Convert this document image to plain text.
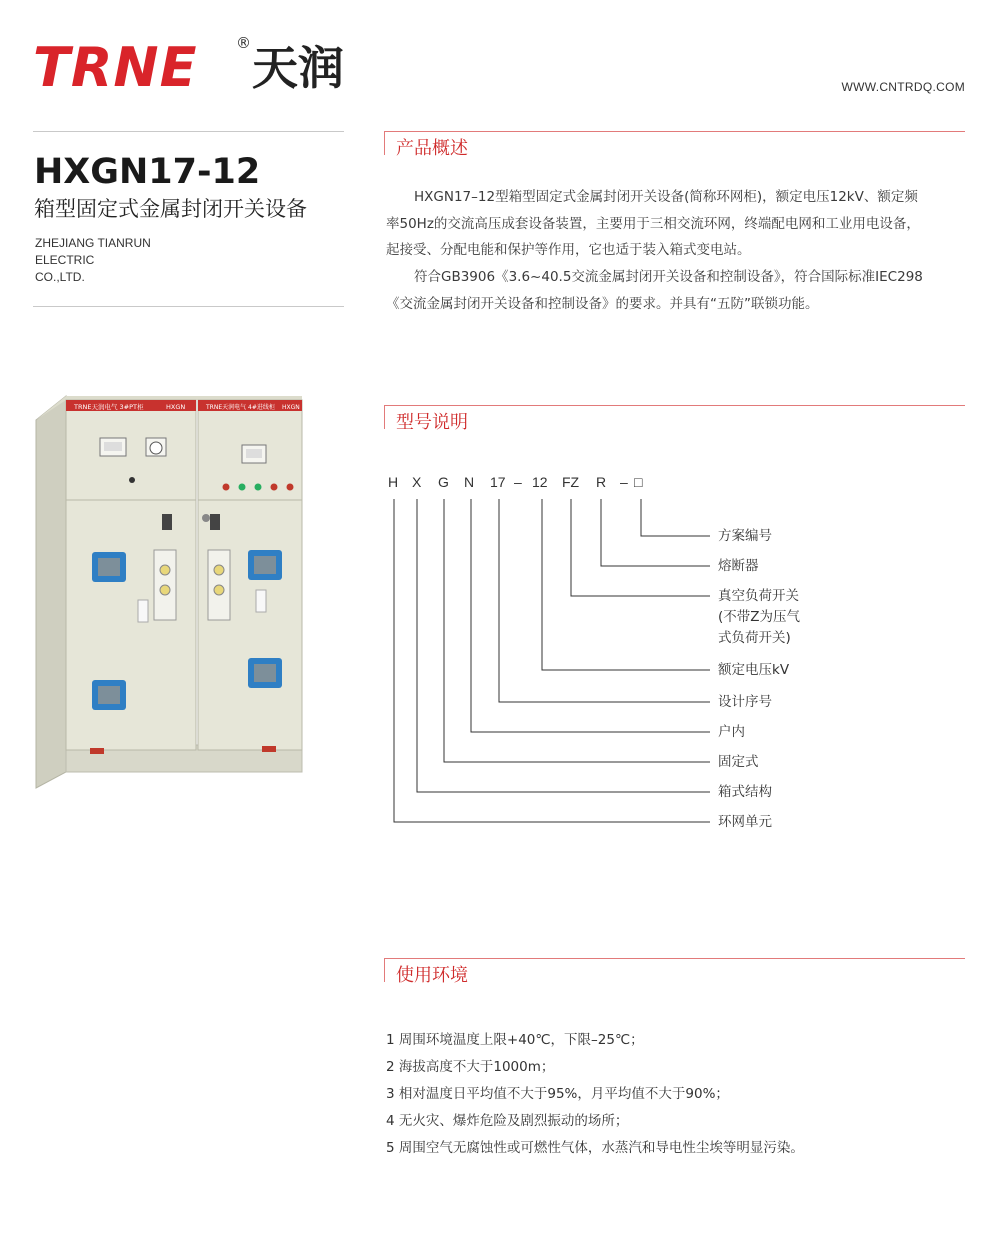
TRNE	® 天润	WWW.CNTRDQ.COM
HXGN17-12
箱型固定式金属封闭开关设备
ZHEJIANG TIANRUN
ELECTRIC
CO.,LTD.
TRNE天润电气 3#PT柜	HXGN	TRNE天润电气 4#进线柜 HXGN
产品概述
HXGN17–12型箱型固定式金属封闭开关设备(简称环网柜)，额定电压12kV、额定频
率50Hz的交流高压成套设备装置，主要用于三相交流环网，终端配电网和工业用电设备，
起接受、分配电能和保护等作用，它也适于装入箱式变电站。
符合GB3906《3.6~40.5交流金属封闭开关设备和控制设备》，符合国际标准IEC298
《交流金属封闭开关设备和控制设备》的要求。并具有“五防”联锁功能。
型号说明
H X G N 17 – 12 FZ R – □
方案编号
熔断器
真空负荷开关
(不带Z为压气
式负荷开关)
额定电压kV
设计序号
户内
固定式
箱式结构
环网单元
使用环境
1 周围环境温度上限+40℃，下限–25℃；
2 海拔高度不大于1000m；
3 相对温度日平均值不大于95%，月平均值不大于90%；
4 无火灾、爆炸危险及剧烈振动的场所；
5 周围空气无腐蚀性或可燃性气体，水蒸汽和导电性尘埃等明显污染。
